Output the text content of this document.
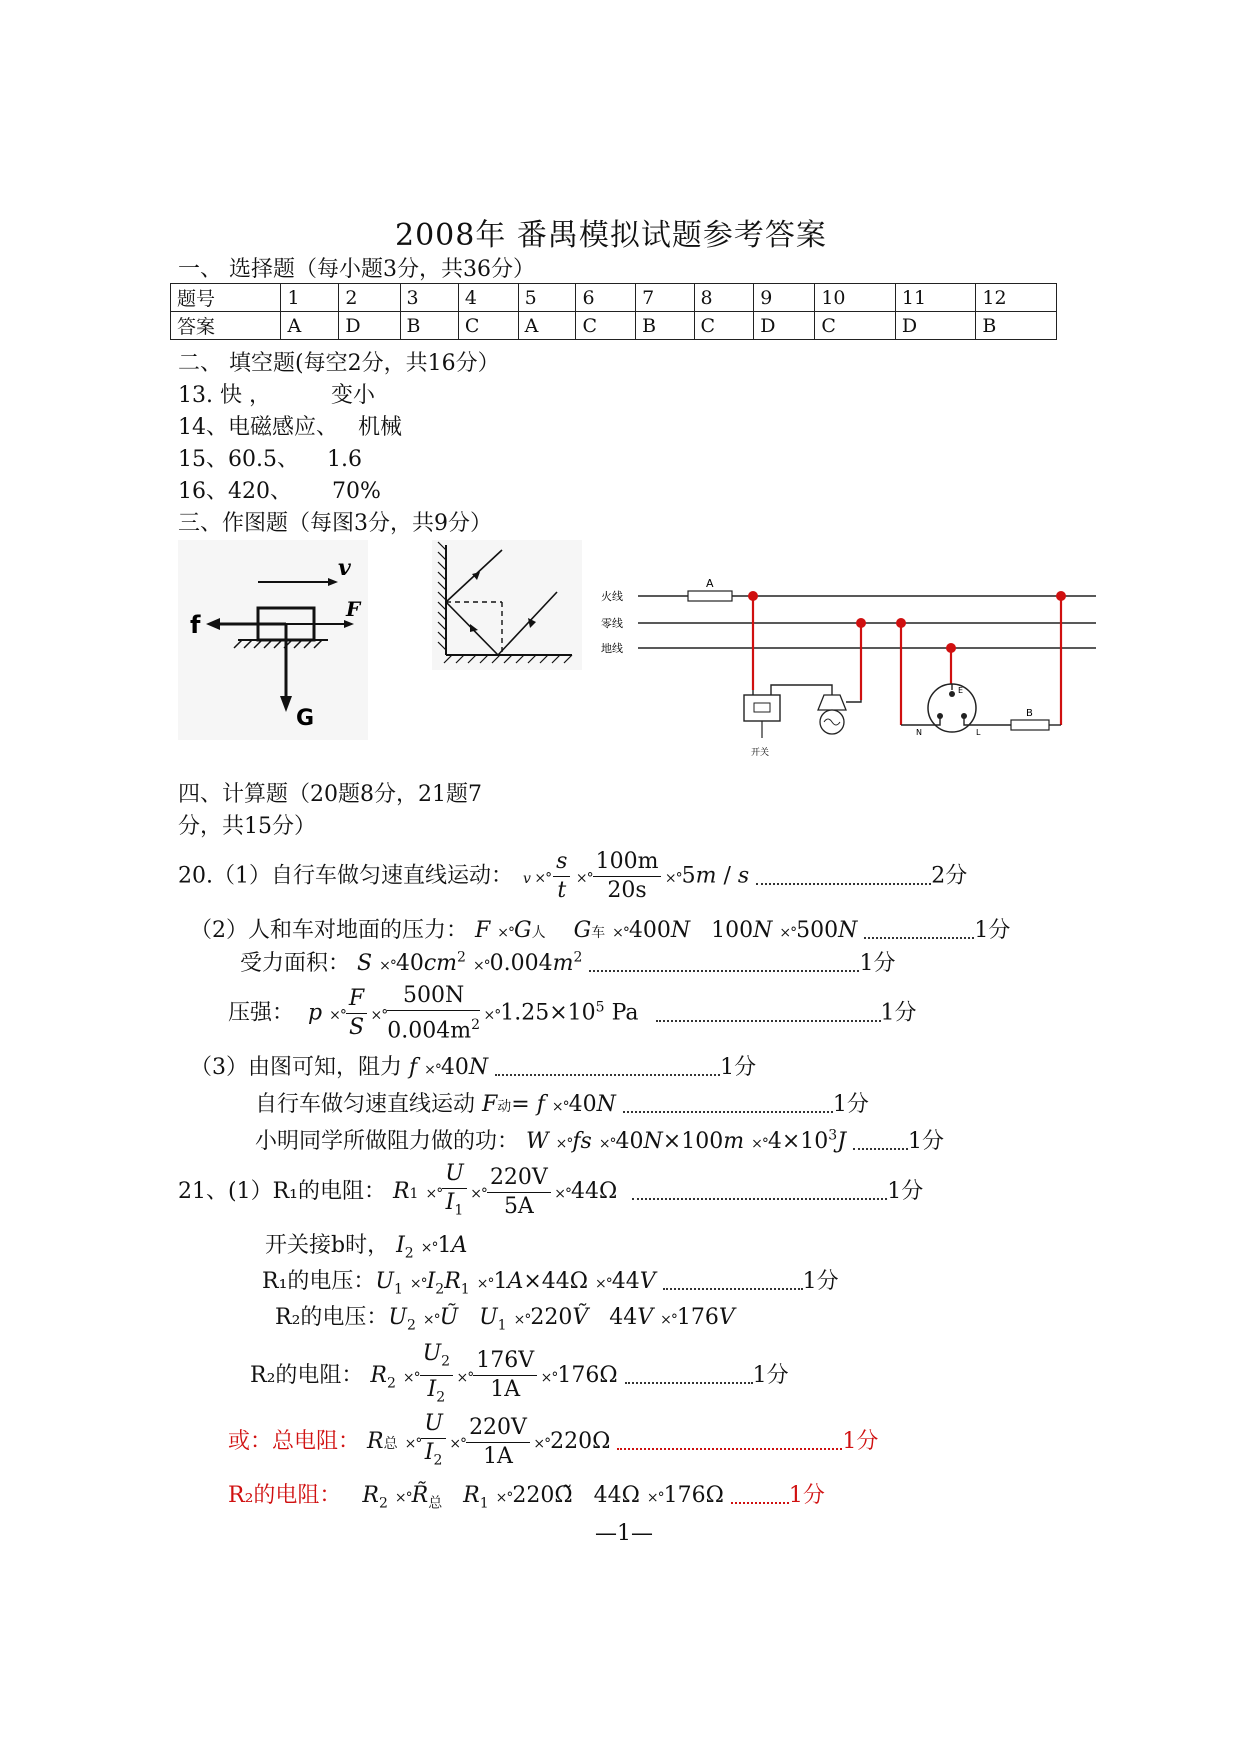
2008年 番禺模拟试题参考答案
一、 选择题（每小题3分，共36分）
题号	1	2	3	4	5	6	7	8	9	10	11	12
答案	A	D	B	C	A	C	B	C	D	C	D	B
二、 填空题(每空2分，共16分）
13. 快 ，	变小
14、电磁感应、 机械
15、60.5、 1.6
16、420、 70%
三、作图题（每图3分，共9分）
v
f
F
G
火线
零线
地线
A
开关
E
N	L
B
四、计算题（20题8分，21题7
分，共15分）
20.（1）自行车做匀速直线运动： v ×° $\frac{s}{t}$ ×° $\frac{100m}{20s} \times^\circ 5m / s$	2分
（2）人和车对地面的压力： F ×°G人 G车 ×°400N   100N ×°500N	1分
受力面积： $S \times^\circ 40cm^2 \times^\circ 0.004m^2$	1分
压强： p ×° $\frac{F}{S}$ ×° $\frac{500N}{0.004m^2} \times^\circ 1.25\times 10^5$ Pa	1分
（3）由图可知，阻力 f ×°40N	1分
自行车做匀速直线运动 F动= f ×°40N	1分
小明同学所做阻力做的功： $W \times^\circ fs \times^\circ 40N\times 100m \times^\circ 4\times 10^3J$	1分
21、(1）R₁的电阻： R1 ×° $\frac{U}{I_1}$ ×° $\frac{220V}{5A} \times^\circ 44\Omega$	1分
开关接b时， $I_2 \times^\circ 1A$
R₁的电压：$U_1 \times^\circ I_2R_1 \times^\circ 1A\times 44\Omega \times^\circ 44V$	1分
R₂的电压：$U_2$ ×°Ũ $U_1$ ×°220Ṽ   44V ×°176V
R₂的电阻： $R_2$ ×° $\frac{U_2}{I_2}$ ×° $\frac{176V}{1A} \times^\circ 176\Omega$	1分
或：总电阻： R总 ×° $\frac{U}{I_2}$ ×° $\frac{220V}{1A} \times^\circ 220\Omega$	1分
R₂的电阻： $R_2$ $\times^\circ R̃_总$ $R_1$ ×°220Ω̃   44Ω ×°176Ω	1分
—1—
